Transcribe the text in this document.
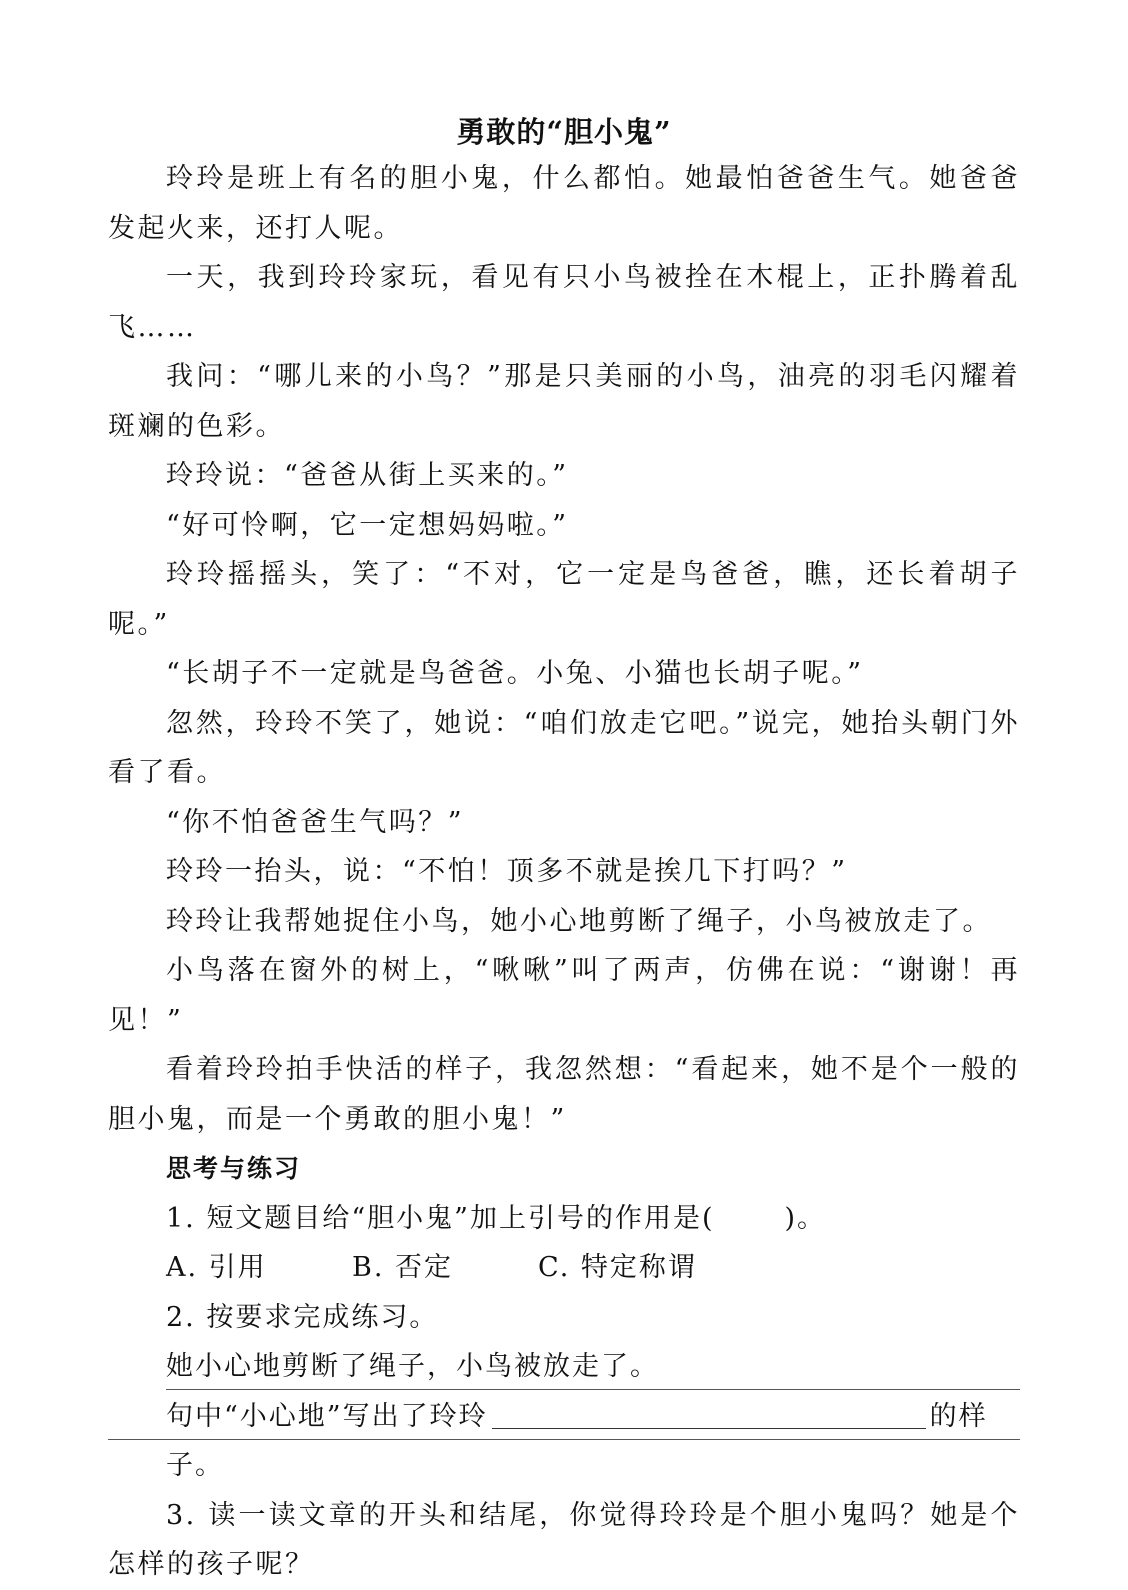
勇敢的“胆小鬼”

玲玲是班上有名的胆小鬼，什么都怕。她最怕爸爸生气。她爸爸发起火来，还打人呢。

一天，我到玲玲家玩，看见有只小鸟被拴在木棍上，正扑腾着乱飞……

我问：“哪儿来的小鸟？”那是只美丽的小鸟，油亮的羽毛闪耀着斑斓的色彩。

玲玲说：“爸爸从街上买来的。”

“好可怜啊，它一定想妈妈啦。”

玲玲摇摇头，笑了：“不对，它一定是鸟爸爸，瞧，还长着胡子呢。”

“长胡子不一定就是鸟爸爸。小兔、小猫也长胡子呢。”

忽然，玲玲不笑了，她说：“咱们放走它吧。”说完，她抬头朝门外看了看。

“你不怕爸爸生气吗？”

玲玲一抬头，说：“不怕！顶多不就是挨几下打吗？”

玲玲让我帮她捉住小鸟，她小心地剪断了绳子，小鸟被放走了。

小鸟落在窗外的树上，“啾啾”叫了两声，仿佛在说：“谢谢！再见！”

看着玲玲拍手快活的样子，我忽然想：“看起来，她不是个一般的胆小鬼，而是一个勇敢的胆小鬼！”

思考与练习
1. 短文题目给“胆小鬼”加上引号的作用是(	)。
A. 引用	B. 否定	C. 特定称谓
2. 按要求完成练习。
她小心地剪断了绳子，小鸟被放走了。
句中“小心地”写出了玲玲	的样子。

3. 读一读文章的开头和结尾，你觉得玲玲是个胆小鬼吗？她是个怎样的孩子呢？
